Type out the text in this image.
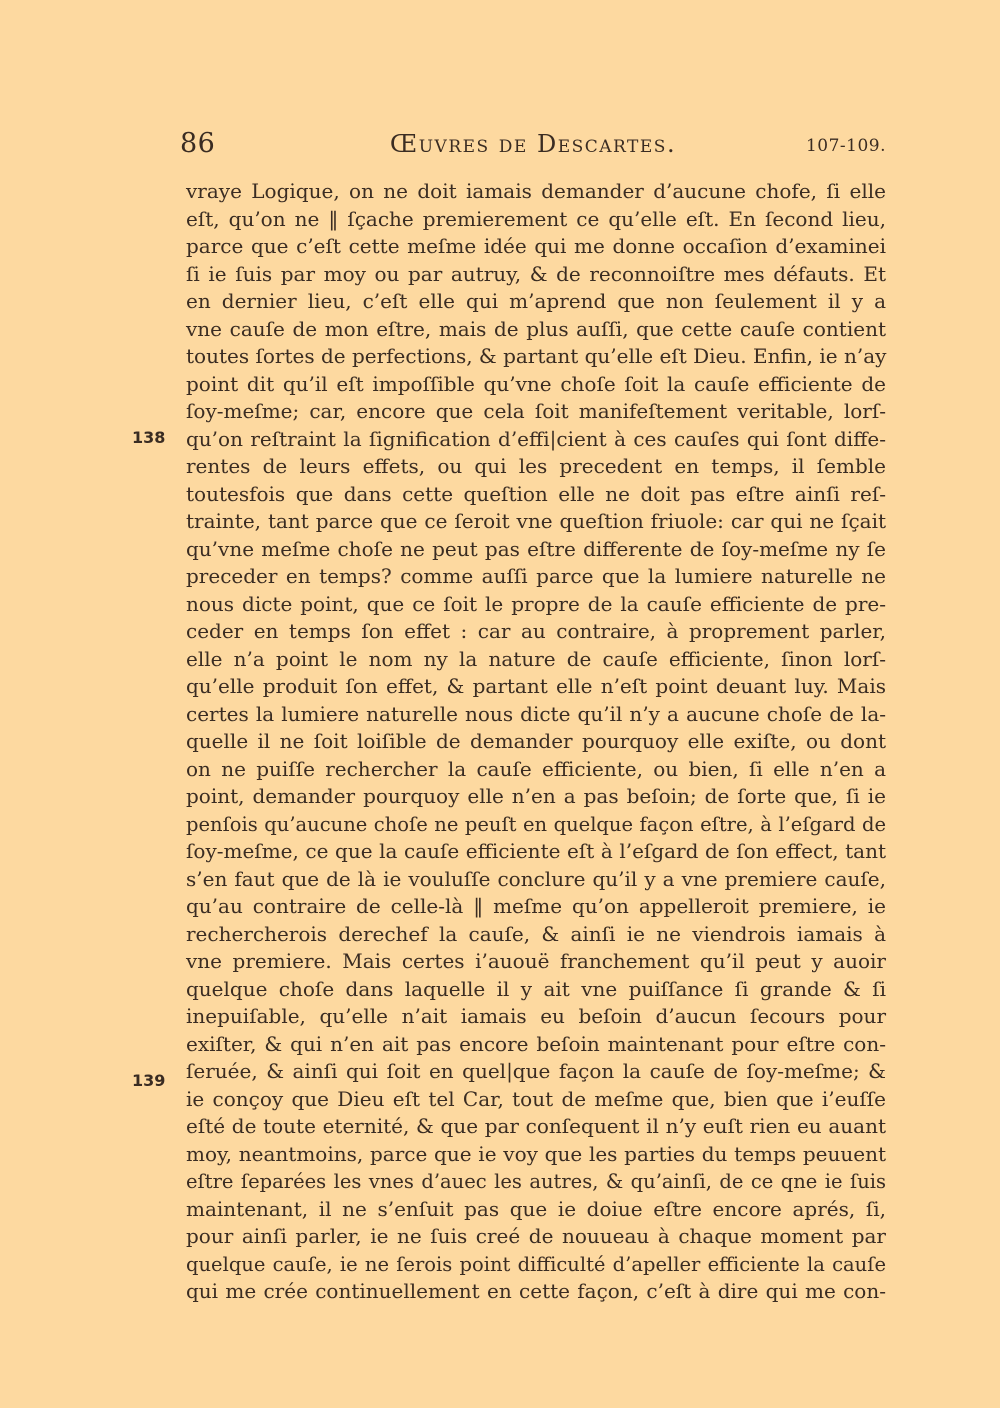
86	Œuvres de Descartes.	107-109.
138
139
vraye Logique, on ne doit iamais demander d’aucune chofe, ſi elle
eſt, qu’on ne ‖ ſçache premierement ce qu’elle eſt. En ſecond lieu,
parce que c’eſt cette meſme idée qui me donne occaſion d’examinei
ſi ie ſuis par moy ou par autruy, & de reconnoiſtre mes défauts. Et
en dernier lieu, c’eſt elle qui m’aprend que non ſeulement il y a
vne cauſe de mon eſtre, mais de plus auſſi, que cette cauſe contient
toutes ſortes de perfections, & partant qu’elle eſt Dieu. Enfin, ie n’ay
point dit qu’il eſt impoſſible qu’vne choſe ſoit la cauſe efficiente de
ſoy-meſme; car, encore que cela ſoit manifeſtement veritable, lorſ-
qu’on reſtraint la ſignification d’effi|cient à ces cauſes qui ſont diffe-
rentes de leurs effets, ou qui les precedent en temps, il ſemble
toutesfois que dans cette queſtion elle ne doit pas eſtre ainſi reſ-
trainte, tant parce que ce ſeroit vne queſtion friuole: car qui ne ſçait
qu’vne meſme choſe ne peut pas eſtre differente de ſoy-meſme ny ſe
preceder en temps? comme auſſi parce que la lumiere naturelle ne
nous dicte point, que ce ſoit le propre de la cauſe efficiente de pre-
ceder en temps ſon effet : car au contraire, à proprement parler,
elle n’a point le nom ny la nature de cauſe efficiente, ſinon lorſ-
qu’elle produit ſon effet, & partant elle n’eſt point deuant luy. Mais
certes la lumiere naturelle nous dicte qu’il n’y a aucune choſe de la-
quelle il ne ſoit loiſible de demander pourquoy elle exiſte, ou dont
on ne puiſſe rechercher la cauſe efficiente, ou bien, ſi elle n’en a
point, demander pourquoy elle n’en a pas beſoin; de ſorte que, ſi ie
penſois qu’aucune choſe ne peuſt en quelque façon eſtre, à l’eſgard de
ſoy-meſme, ce que la cauſe efficiente eſt à l’eſgard de ſon effect, tant
s’en faut que de là ie vouluſſe conclure qu’il y a vne premiere cauſe,
qu’au contraire de celle-là ‖ meſme qu’on appelleroit premiere, ie
rechercherois derechef la cauſe, & ainſi ie ne viendrois iamais à
vne premiere. Mais certes i’auouë franchement qu’il peut y auoir
quelque choſe dans laquelle il y ait vne puiſſance ſi grande & ſi
inepuiſable, qu’elle n’ait iamais eu beſoin d’aucun ſecours pour
exiſter, & qui n’en ait pas encore beſoin maintenant pour eſtre con-
ſeruée, & ainſi qui ſoit en quel|que façon la cauſe de ſoy-meſme; &
ie conçoy que Dieu eſt tel Car, tout de meſme que, bien que i’euſſe
eſté de toute eternité, & que par conſequent il n’y euſt rien eu auant
moy, neantmoins, parce que ie voy que les parties du temps peuuent
eſtre ſeparées les vnes d’auec les autres, & qu’ainſi, de ce qne ie ſuis
maintenant, il ne s’enſuit pas que ie doiue eſtre encore aprés, ſi,
pour ainſi parler, ie ne ſuis creé de nouueau à chaque moment par
quelque cauſe, ie ne ſerois point difficulté d’apeller efficiente la cauſe
qui me crée continuellement en cette façon, c’eſt à dire qui me con-
